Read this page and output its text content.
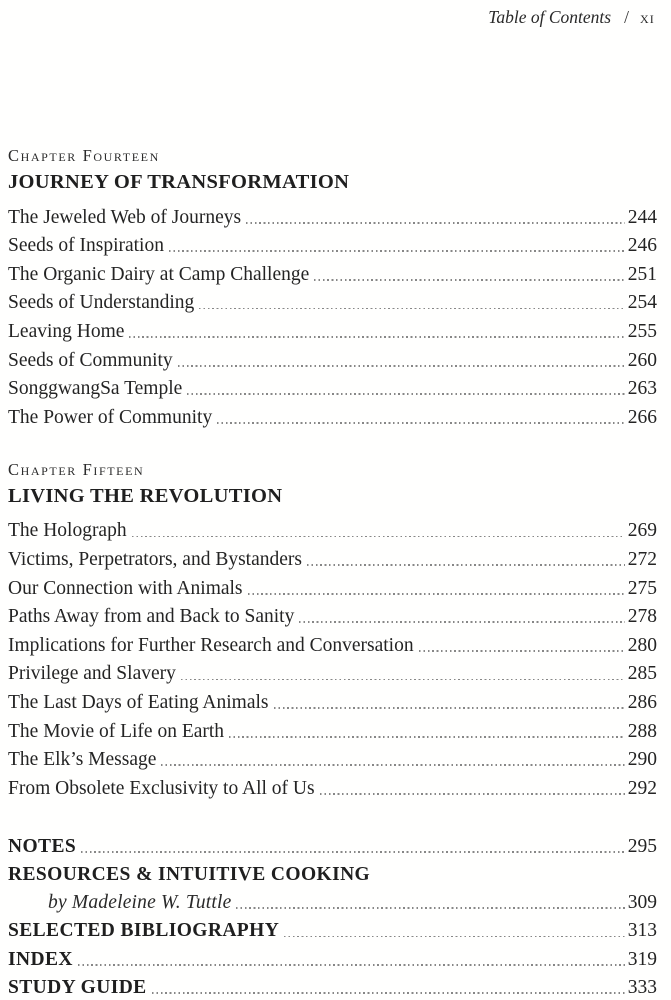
Table of Contents / xi
Chapter Fourteen
JOURNEY OF TRANSFORMATION
The Jeweled Web of Journeys	244
Seeds of Inspiration	246
The Organic Dairy at Camp Challenge	251
Seeds of Understanding	254
Leaving Home	255
Seeds of Community	260
SonggwangSa Temple	263
The Power of Community	266
Chapter Fifteen
LIVING THE REVOLUTION
The Holograph	269
Victims, Perpetrators, and Bystanders	272
Our Connection with Animals	275
Paths Away from and Back to Sanity	278
Implications for Further Research and Conversation	280
Privilege and Slavery	285
The Last Days of Eating Animals	286
The Movie of Life on Earth	288
The Elk’s Message	290
From Obsolete Exclusivity to All of Us	292
NOTES	295
RESOURCES & INTUITIVE COOKING
by Madeleine W. Tuttle	309
SELECTED BIBLIOGRAPHY	313
INDEX	319
STUDY GUIDE	333
